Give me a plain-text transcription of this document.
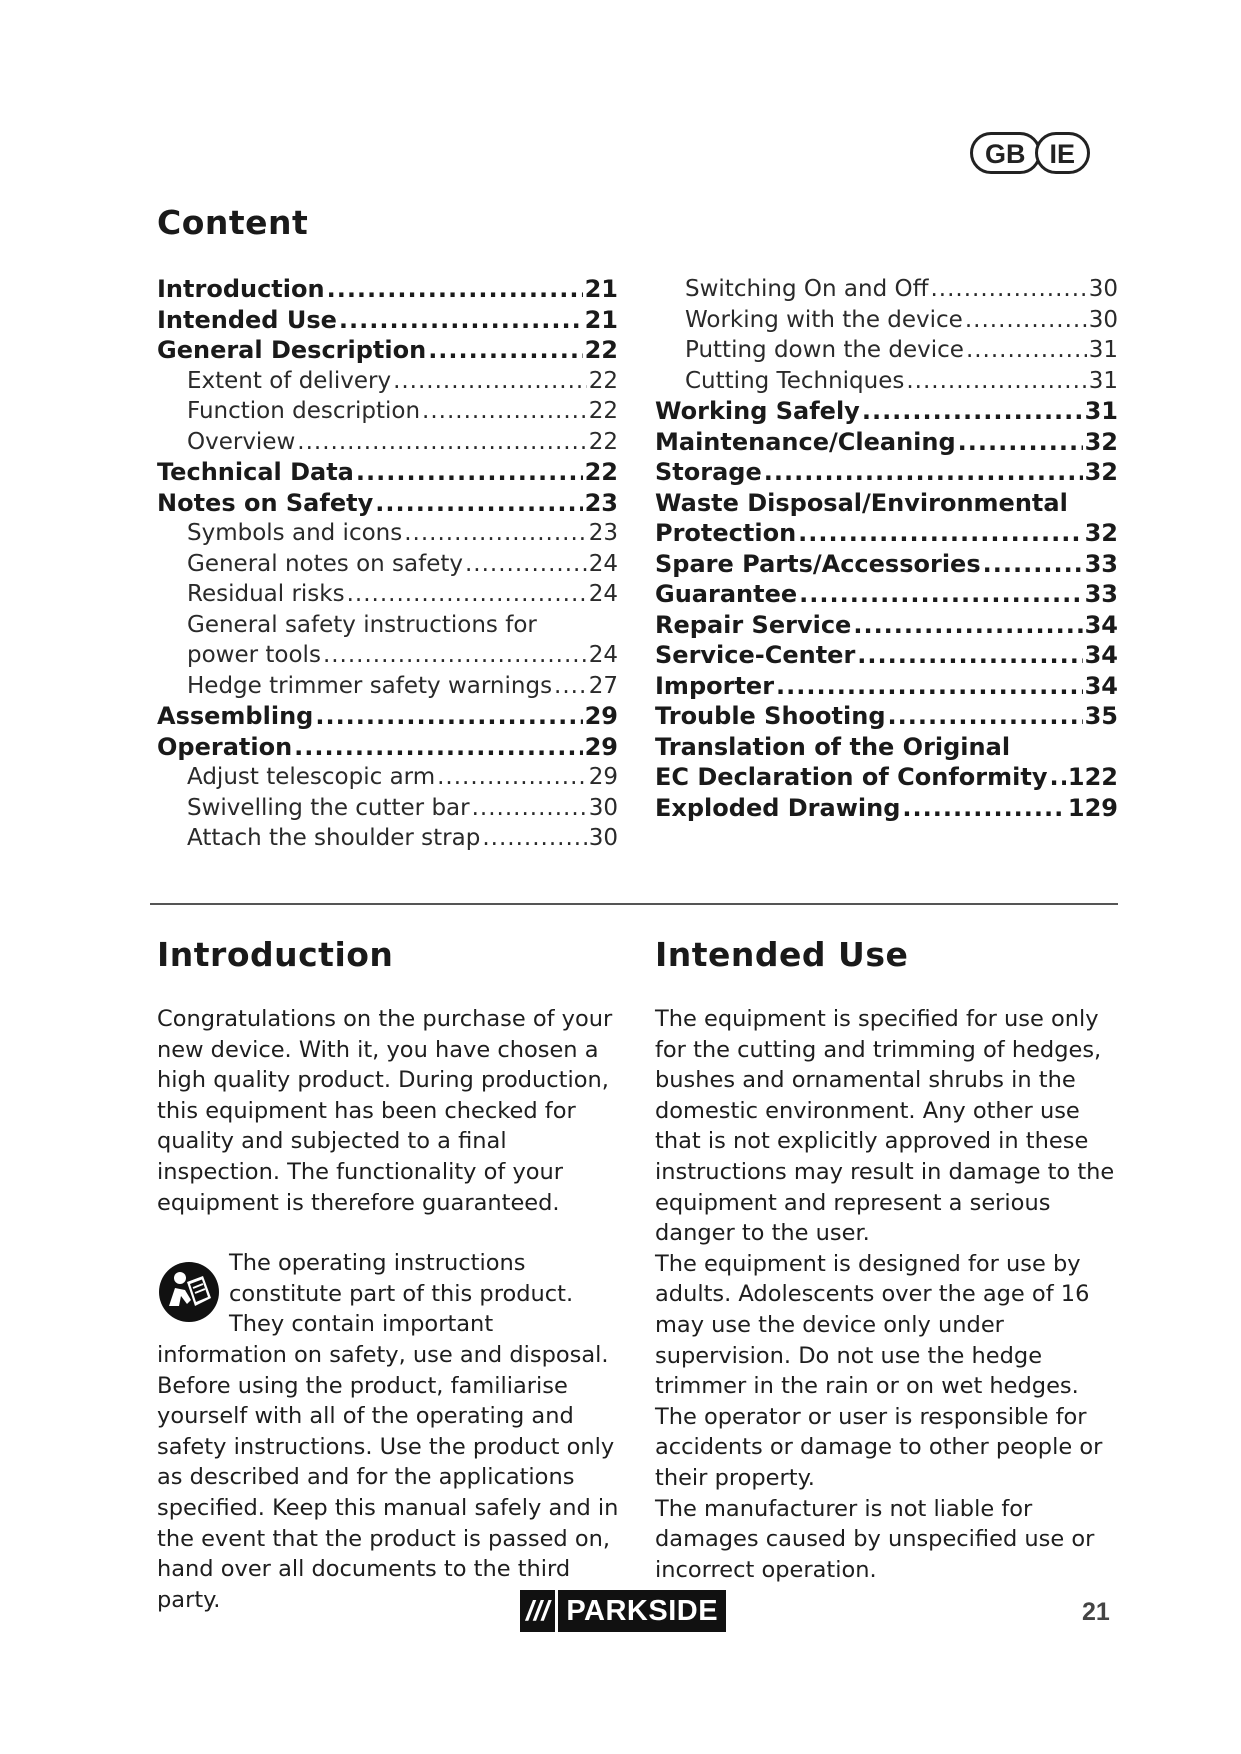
GB IE
Content
Introduction .....	21
Intended Use .....	21
General Description .....	22
Extent of delivery .....	22
Function description .....	22
Overview .....	22
Technical Data .....	22
Notes on Safety .....	23
Symbols and icons .....	23
General notes on safety .....	24
Residual risks .....	24
General safety instructions for
power tools .....	24
Hedge trimmer safety warnings ..... 27
Assembling .....	29
Operation .....	29
Adjust telescopic arm .....	29
Swivelling the cutter bar .....	30
Attach the shoulder strap .....	30
Switching On and Off .....	30
Working with the device .....	30
Putting down the device .....	31
Cutting Techniques .....	31
Working Safely .....	31
Maintenance/Cleaning .....	32
Storage .....	32
Waste Disposal/Environmental
Protection .....	32
Spare Parts/Accessories .....	33
Guarantee .....	33
Repair Service .....	34
Service-Center .....	34
Importer .....	34
Trouble Shooting .....	35
Translation of the Original
EC Declaration of Conformity ..... 122
Exploded Drawing .....	129
Introduction	Intended Use

Congratulations on the purchase of your new device. With it, you have chosen a high quality product. During production, this equipment has been checked for quality and subjected to a final inspection. The functionality of your equipment is therefore guaranteed.

The operating instructions constitute part of this product. They contain important information on safety, use and disposal.

Before using the product, familiarise yourself with all of the operating and safety instructions. Use the product only as described and for the applications specified. Keep this manual safely and in the event that the product is passed on, hand over all documents to the third party.

The equipment is specified for use only for the cutting and trimming of hedges, bushes and ornamental shrubs in the domestic environment. Any other use that is not explicitly approved in these instructions may result in damage to the equipment and represent a serious danger to the user.

The equipment is designed for use by adults. Adolescents over the age of 16 may use the device only under supervision. Do not use the hedge trimmer in the rain or on wet hedges. The operator or user is responsible for accidents or damage to other people or their property.

The manufacturer is not liable for damages caused by unspecified use or incorrect operation.

/// PARKSIDE	21
